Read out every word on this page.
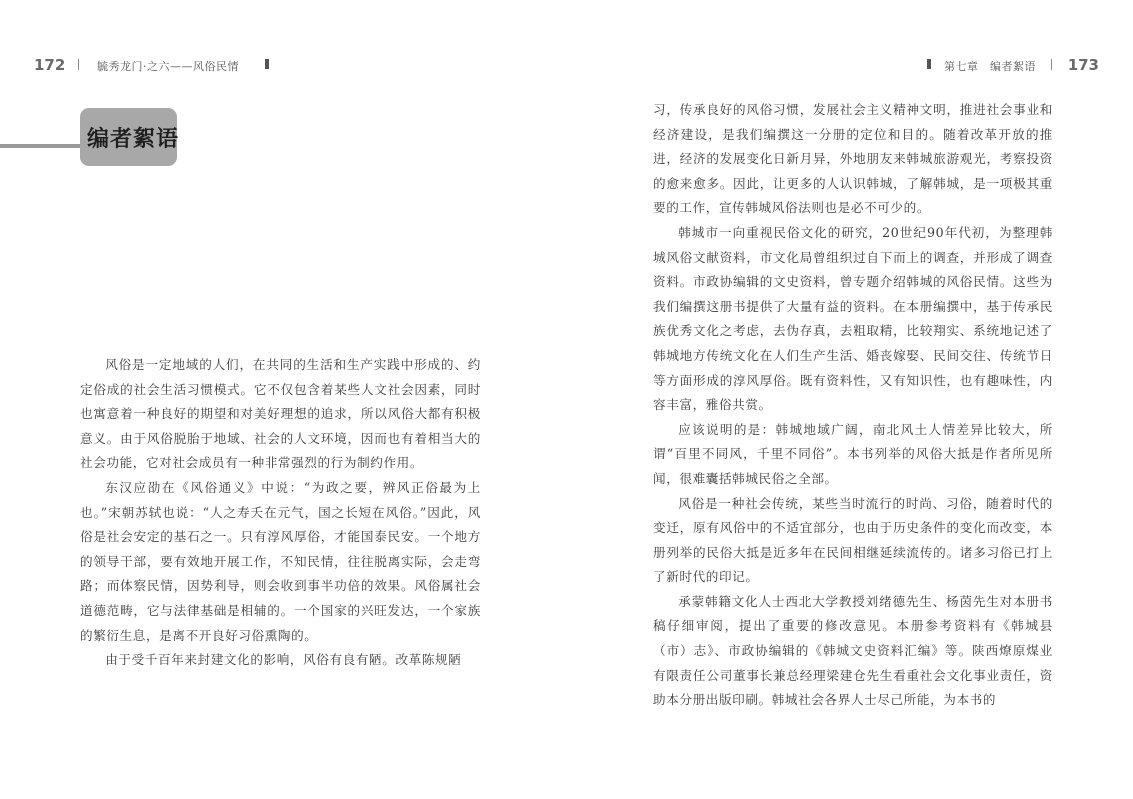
172	毓秀龙门·之六——风俗民情
编者絮语

风俗是一定地域的人们，在共同的生活和生产实践中形成的、约定俗成的社会生活习惯模式。它不仅包含着某些人文社会因素，同时也寓意着一种良好的期望和对美好理想的追求，所以风俗大都有积极意义。由于风俗脱胎于地域、社会的人文环境，因而也有着相当大的社会功能，它对社会成员有一种非常强烈的行为制约作用。

东汉应劭在《风俗通义》中说：“为政之要，辨风正俗最为上也。”宋朝苏轼也说：“人之寿夭在元气，国之长短在风俗。”因此，风俗是社会安定的基石之一。只有淳风厚俗，才能国泰民安。一个地方的领导干部，要有效地开展工作，不知民情，往往脱离实际，会走弯路；而体察民情，因势利导，则会收到事半功倍的效果。风俗属社会道德范畴，它与法律基础是相辅的。一个国家的兴旺发达，一个家族的繁衍生息，是离不开良好习俗熏陶的。

由于受千百年来封建文化的影响，风俗有良有陋。改革陈规陋

第七章　编者絮语 173

习，传承良好的风俗习惯，发展社会主义精神文明，推进社会事业和经济建设，是我们编撰这一分册的定位和目的。随着改革开放的推进，经济的发展变化日新月异，外地朋友来韩城旅游观光，考察投资的愈来愈多。因此，让更多的人认识韩城，了解韩城，是一项极其重要的工作，宣传韩城风俗法则也是必不可少的。

韩城市一向重视民俗文化的研究，20世纪90年代初，为整理韩城风俗文献资料，市文化局曾组织过自下而上的调查，并形成了调查资料。市政协编辑的文史资料，曾专题介绍韩城的风俗民情。这些为我们编撰这册书提供了大量有益的资料。在本册编撰中，基于传承民族优秀文化之考虑，去伪存真，去粗取精，比较翔实、系统地记述了韩城地方传统文化在人们生产生活、婚丧嫁娶、民间交往、传统节日等方面形成的淳风厚俗。既有资料性，又有知识性，也有趣味性，内容丰富，雅俗共赏。

应该说明的是：韩城地域广阔，南北风土人情差异比较大，所谓“百里不同风，千里不同俗”。本书列举的风俗大抵是作者所见所闻，很难囊括韩城民俗之全部。

风俗是一种社会传统，某些当时流行的时尚、习俗，随着时代的变迁，原有风俗中的不适宜部分，也由于历史条件的变化而改变，本册列举的民俗大抵是近多年在民间相继延续流传的。诸多习俗已打上了新时代的印记。

承蒙韩籍文化人士西北大学教授刘绪德先生、杨茵先生对本册书稿仔细审阅，提出了重要的修改意见。本册参考资料有《韩城县（市）志》、市政协编辑的《韩城文史资料汇编》等。陕西燎原煤业有限责任公司董事长兼总经理梁建仓先生看重社会文化事业责任，资助本分册出版印刷。韩城社会各界人士尽己所能，为本书的
